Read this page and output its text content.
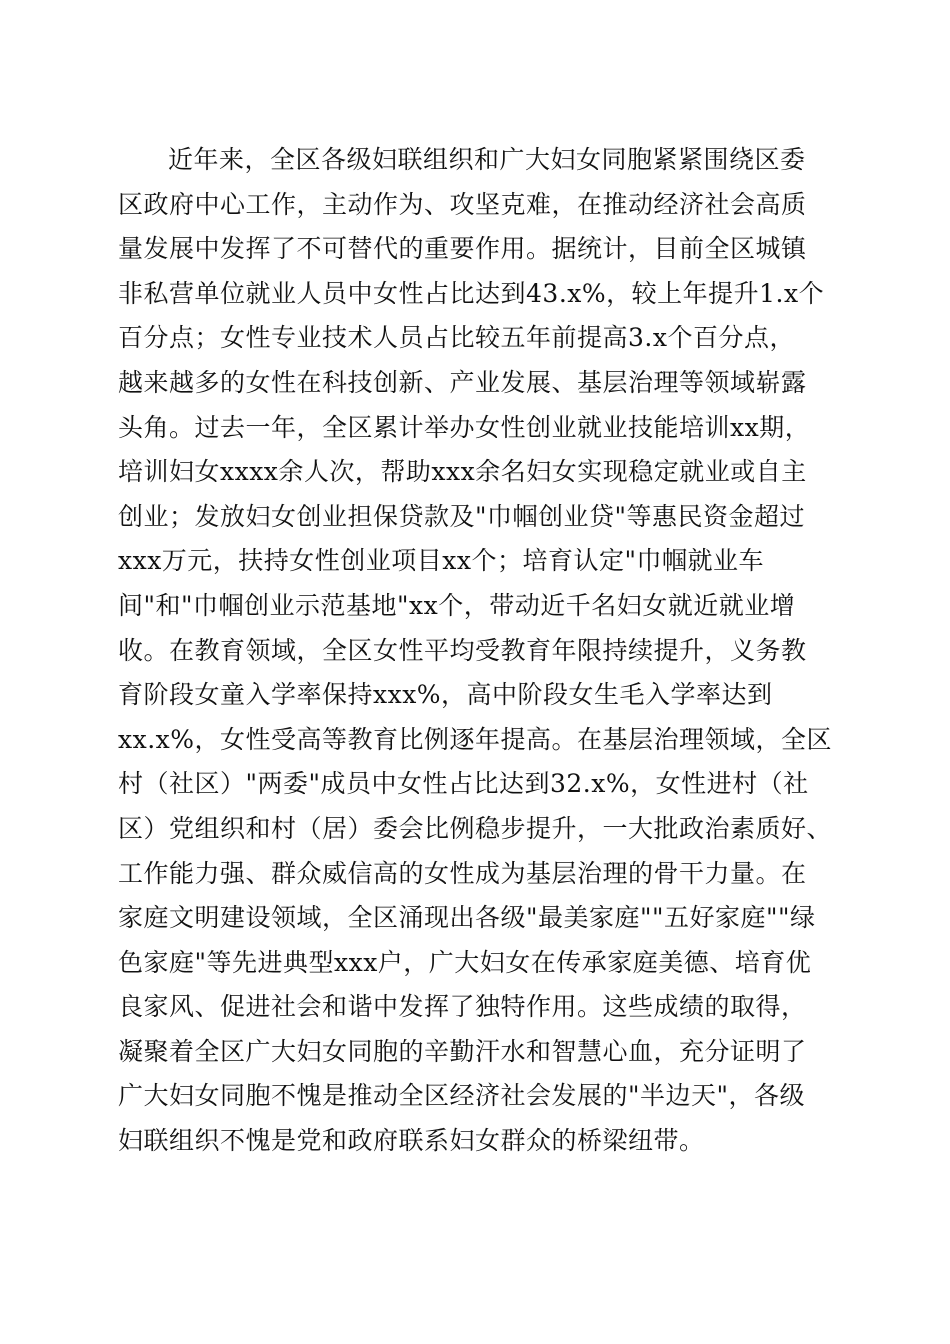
近年来，全区各级妇联组织和广大妇女同胞紧紧围绕区委
区政府中心工作，主动作为、攻坚克难，在推动经济社会高质
量发展中发挥了不可替代的重要作用。据统计，目前全区城镇
非私营单位就业人员中女性占比达到43.x%，较上年提升1.x个
百分点；女性专业技术人员占比较五年前提高3.x个百分点，
越来越多的女性在科技创新、产业发展、基层治理等领域崭露
头角。过去一年，全区累计举办女性创业就业技能培训xx期，
培训妇女xxxx余人次，帮助xxx余名妇女实现稳定就业或自主
创业；发放妇女创业担保贷款及"巾帼创业贷"等惠民资金超过
xxx万元，扶持女性创业项目xx个；培育认定"巾帼就业车
间"和"巾帼创业示范基地"xx个，带动近千名妇女就近就业增
收。在教育领域，全区女性平均受教育年限持续提升，义务教
育阶段女童入学率保持xxx%，高中阶段女生毛入学率达到
xx.x%，女性受高等教育比例逐年提高。在基层治理领域，全区
村（社区）"两委"成员中女性占比达到32.x%，女性进村（社
区）党组织和村（居）委会比例稳步提升，一大批政治素质好、
工作能力强、群众威信高的女性成为基层治理的骨干力量。在
家庭文明建设领域，全区涌现出各级"最美家庭""五好家庭""绿
色家庭"等先进典型xxx户，广大妇女在传承家庭美德、培育优
良家风、促进社会和谐中发挥了独特作用。这些成绩的取得，
凝聚着全区广大妇女同胞的辛勤汗水和智慧心血，充分证明了
广大妇女同胞不愧是推动全区经济社会发展的"半边天"，各级
妇联组织不愧是党和政府联系妇女群众的桥梁纽带。
